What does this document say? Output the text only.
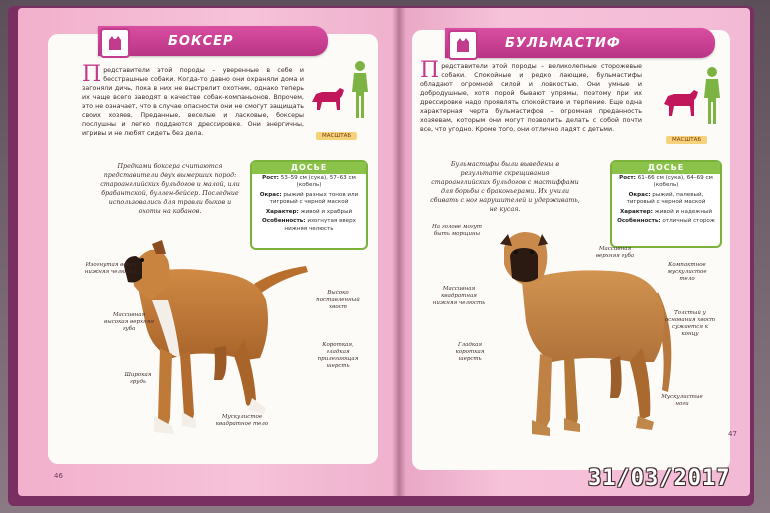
БОКСЕР
Представители этой породы – уверенные в себе и бесстрашные собаки. Когда-то давно они охраняли дома и загоняли дичь, пока в них не выстрелит охотник, однако теперь их чаще всего заводят в качестве собак-компаньонов. Впрочем, это не означает, что в случае опасности они не смогут защищать своих хозяев. Преданные, веселые и ласковые, боксеры послушны и легко поддаются дрессировке. Они энергичны, игривы и не любят сидеть без дела.	МАСШТАБ
Предками боксера считаются представители двух вымерших пород: староанглийских бульдогов и малой, или брабантской, буллен-бейсер. Последние использовались для травли быков и охоты на кабанов.
ДОСЬЕ
Рост: 53–59 см (сука), 57–63 см (кобель)
Окрас: рыжий разных тонов или тигровый с черной маской
Характер: живой и храбрый
Особенность: изогнутая вверх нижняя челюсть
Изогнутая вверх нижняя челюсть
Массивная высокая верхняя губа
Широкая грудь
Мускулистое квадратное тело
Короткая, гладкая прилегающая шерсть
Высоко поставленный хвост
46
БУЛЬМАСТИФ
Представители этой породы – великолепные сторожевые собаки. Спокойные и редко лающие, бульмастифы обладают огромной силой и ловкостью. Они умные и добродушные, хотя порой бывают упрямы, поэтому при их дрессировке надо проявлять спокойствие и терпение. Еще одна характерная черта бульмастифов – огромная преданность хозяевам, которым они могут позволить делать с собой почти все, что угодно. Кроме того, они отлично ладят с детьми.
МАСШТАБ
Бульмастифы были выведены в результате скрещивания староанглийских бульдогов с мастиффами для борьбы с браконьерами. Их учили сбивать с ног нарушителей и удерживать, не кусая.
ДОСЬЕ
Рост: 61–66 см (сука), 64–69 см (кобель)
Окрас: рыжий, палевый, тигровый с черной маской
Характер: живой и надежный
Особенность: отличный сторож
На голове могут быть морщины
Массивная квадратная нижняя челюсть
Гладкая короткая шерсть
Массивная верхняя губа
Компактное мускулистое тело
Толстый у основания хвост сужается к концу
Мускулистые ноги
47
31/03/2017
